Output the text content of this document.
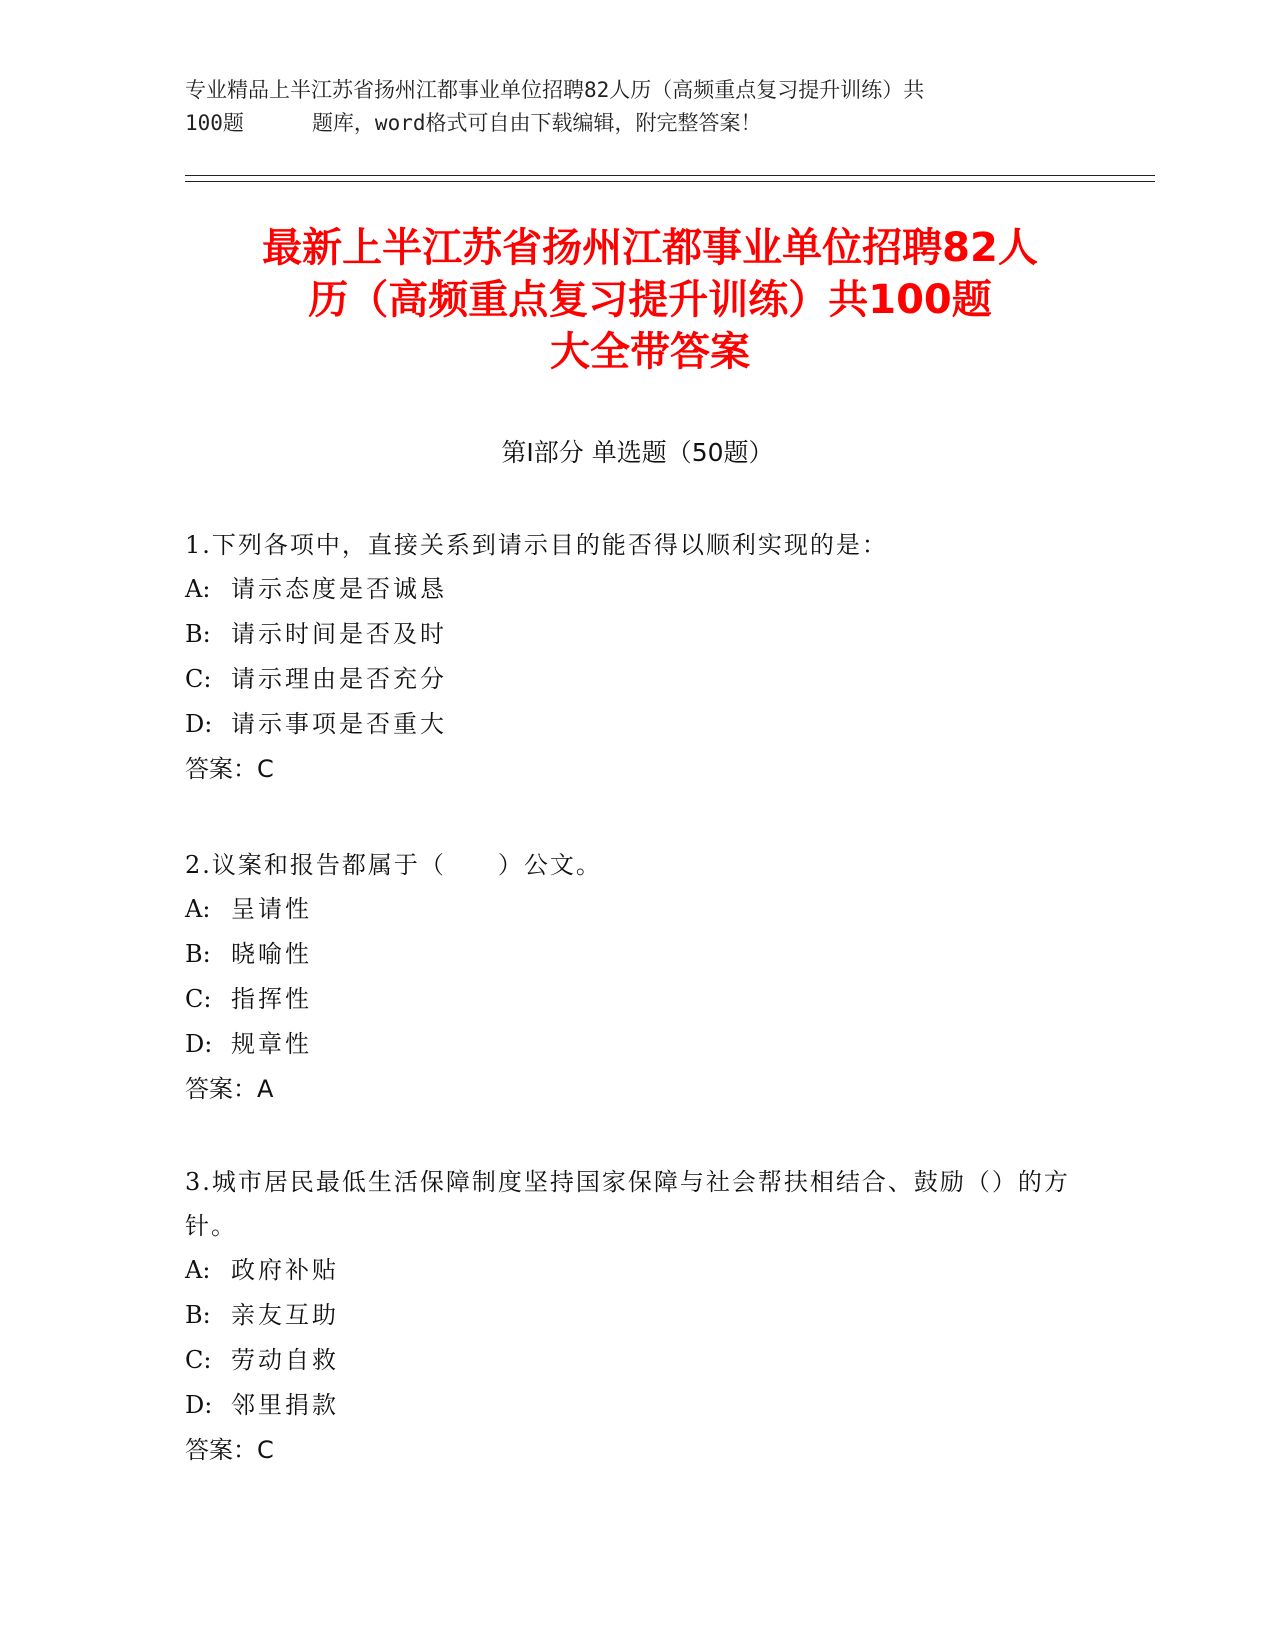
专业精品上半江苏省扬州江都事业单位招聘82人历（高频重点复习提升训练）共
100题	题库，word格式可自由下载编辑，附完整答案！
最新上半江苏省扬州江都事业单位招聘82人
历（高频重点复习提升训练）共100题
大全带答案
第Ⅰ部分 单选题（50题）
1.下列各项中，直接关系到请示目的能否得以顺利实现的是：
A: 请示态度是否诚恳
B: 请示时间是否及时
C: 请示理由是否充分
D: 请示事项是否重大
答案：C
2.议案和报告都属于（　　）公文。
A: 呈请性
B: 晓喻性
C: 指挥性
D: 规章性
答案：A
3.城市居民最低生活保障制度坚持国家保障与社会帮扶相结合、鼓励（）的方针。
A: 政府补贴
B: 亲友互助
C: 劳动自救
D: 邻里捐款
答案：C
